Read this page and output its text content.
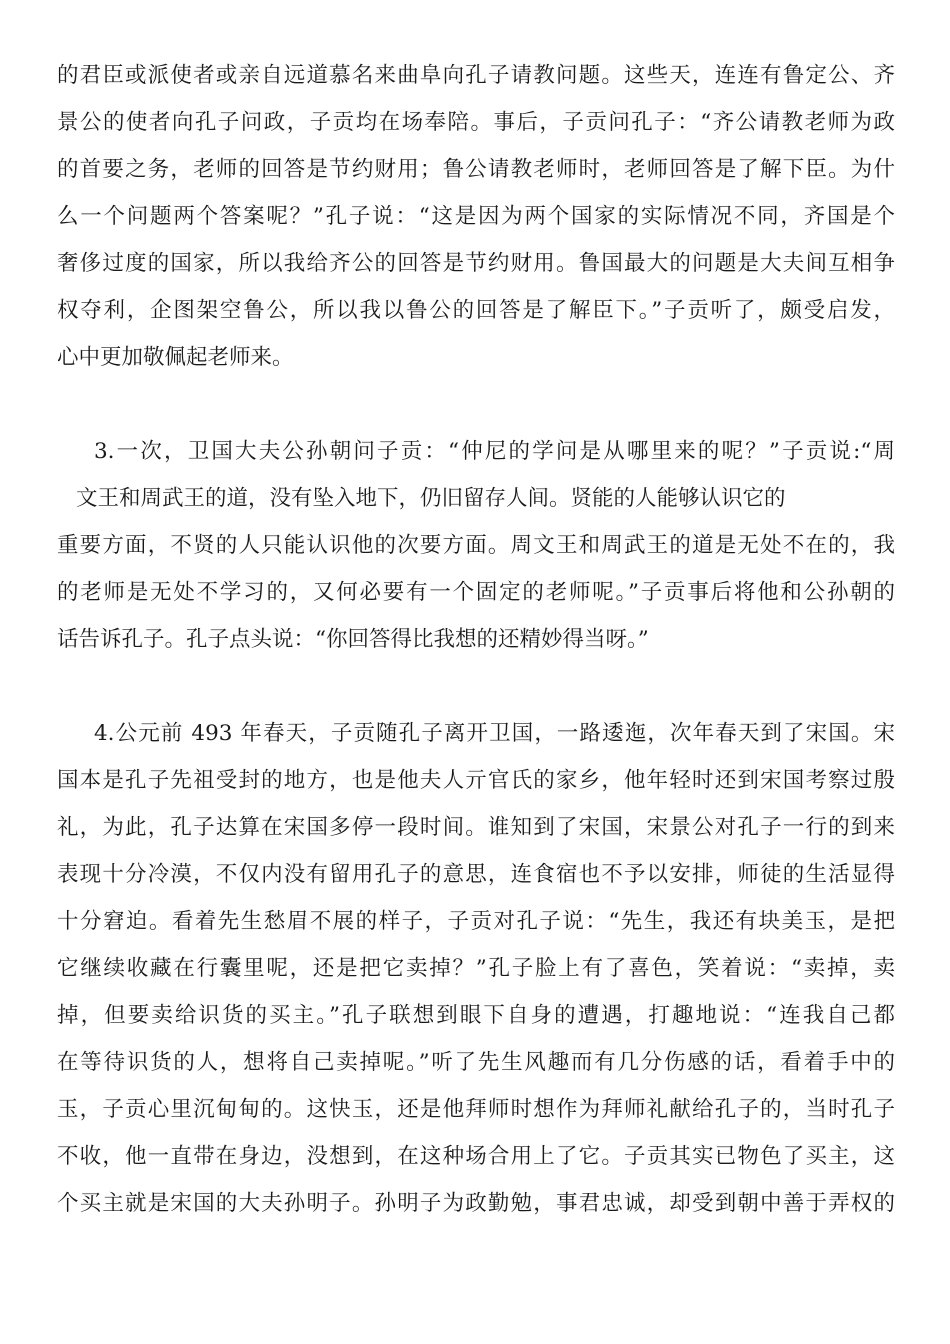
的君臣或派使者或亲自远道慕名来曲阜向孔子请教问题。这些天，连连有鲁定公、齐
景公的使者向孔子问政，子贡均在场奉陪。事后，子贡问孔子：“齐公请教老师为政
的首要之务，老师的回答是节约财用；鲁公请教老师时，老师回答是了解下臣。为什
么一个问题两个答案呢？”孔子说：“这是因为两个国家的实际情况不同，齐国是个
奢侈过度的国家，所以我给齐公的回答是节约财用。鲁国最大的问题是大夫间互相争
权夺利，企图架空鲁公，所以我以鲁公的回答是了解臣下。”子贡听了，颇受启发，
心中更加敬佩起老师来。
3.一次，卫国大夫公孙朝问子贡：“仲尼的学问是从哪里来的呢？”子贡说:“周
文王和周武王的道，没有坠入地下，仍旧留存人间。贤能的人能够认识它的
重要方面，不贤的人只能认识他的次要方面。周文王和周武王的道是无处不在的，我
的老师是无处不学习的，又何必要有一个固定的老师呢。”子贡事后将他和公孙朝的
话告诉孔子。孔子点头说：“你回答得比我想的还精妙得当呀。”
4.公元前 493 年春天，子贡随孔子离开卫国，一路逶迤，次年春天到了宋国。宋
国本是孔子先祖受封的地方，也是他夫人亓官氏的家乡，他年轻时还到宋国考察过殷
礼，为此，孔子达算在宋国多停一段时间。谁知到了宋国，宋景公对孔子一行的到来
表现十分冷漠，不仅内没有留用孔子的意思，连食宿也不予以安排，师徒的生活显得
十分窘迫。看着先生愁眉不展的样子，子贡对孔子说：“先生，我还有块美玉，是把
它继续收藏在行囊里呢，还是把它卖掉？”孔子脸上有了喜色，笑着说：“卖掉，卖
掉，但要卖给识货的买主。”孔子联想到眼下自身的遭遇，打趣地说：“连我自己都
在等待识货的人，想将自己卖掉呢。”听了先生风趣而有几分伤感的话，看着手中的
玉，子贡心里沉甸甸的。这快玉，还是他拜师时想作为拜师礼献给孔子的，当时孔子
不收，他一直带在身边，没想到，在这种场合用上了它。子贡其实已物色了买主，这
个买主就是宋国的大夫孙明子。孙明子为政勤勉，事君忠诚，却受到朝中善于弄权的
